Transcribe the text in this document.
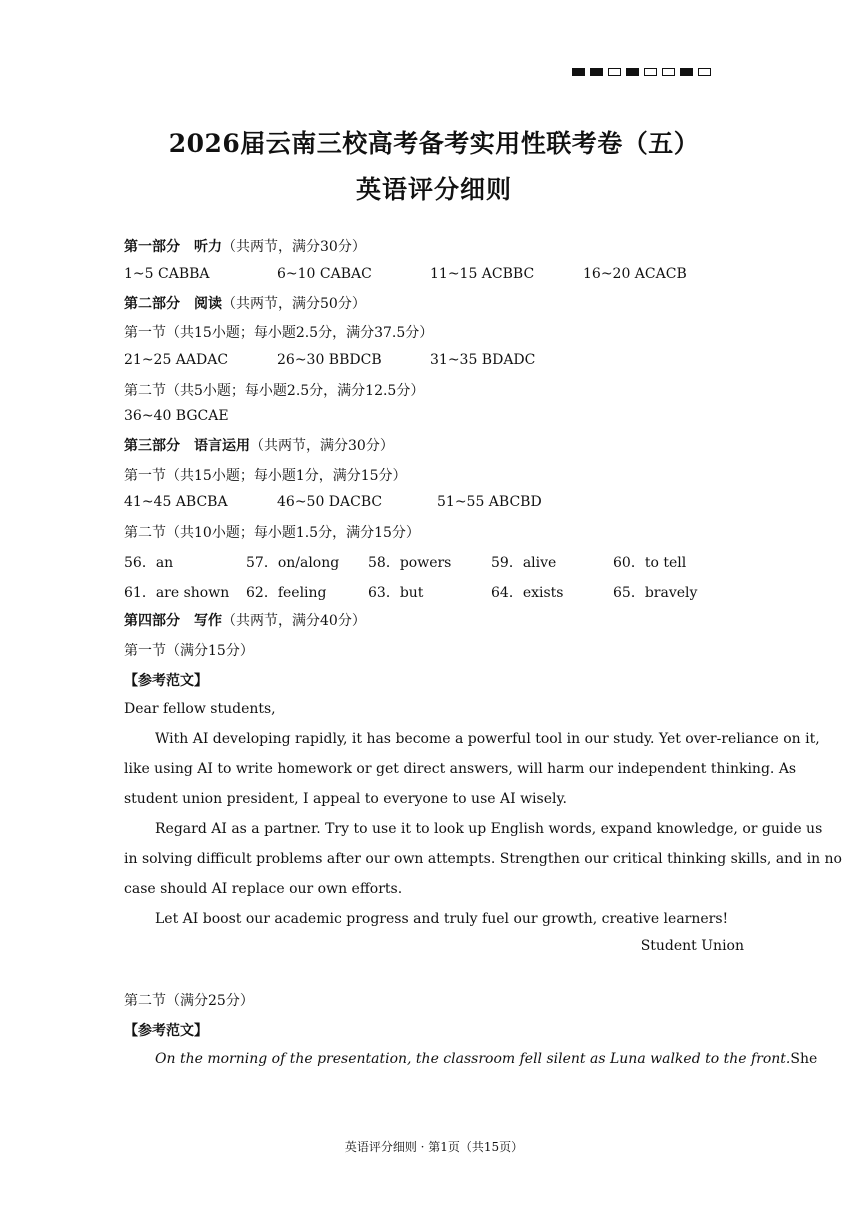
2026届云南三校高考备考实用性联考卷（五）
英语评分细则
第一部分　听力（共两节，满分30分）
1~5 CABBA	6~10 CABAC	11~15 ACBBC	16~20 ACACB
第二部分　阅读（共两节，满分50分）
第一节（共15小题；每小题2.5分，满分37.5分）
21~25 AADAC	26~30 BBDCB	31~35 BDADC
第二节（共5小题；每小题2.5分，满分12.5分）
36~40 BGCAE
第三部分　语言运用（共两节，满分30分）
第一节（共15小题；每小题1分，满分15分）
41~45 ABCBA	46~50 DACBC	51~55 ABCBD
第二节（共10小题；每小题1.5分，满分15分）
56．an	57．on/along 58．powers	59．alive	60．to tell
61．are shown 62．feeling	63．but	64．exists	65．bravely
第四部分　写作（共两节，满分40分）
第一节（满分15分）
【参考范文】
Dear fellow students,
With AI developing rapidly, it has become a powerful tool in our study. Yet over-reliance on it,
like using AI to write homework or get direct answers, will harm our independent thinking. As
student union president, I appeal to everyone to use AI wisely.
Regard AI as a partner. Try to use it to look up English words, expand knowledge, or guide us
in solving difficult problems after our own attempts. Strengthen our critical thinking skills, and in no
case should AI replace our own efforts.
Let AI boost our academic progress and truly fuel our growth, creative learners!
Student Union
第二节（满分25分）
【参考范文】
On the morning of the presentation, the classroom fell silent as Luna walked to the front. She
英语评分细则 · 第1页（共15页）
